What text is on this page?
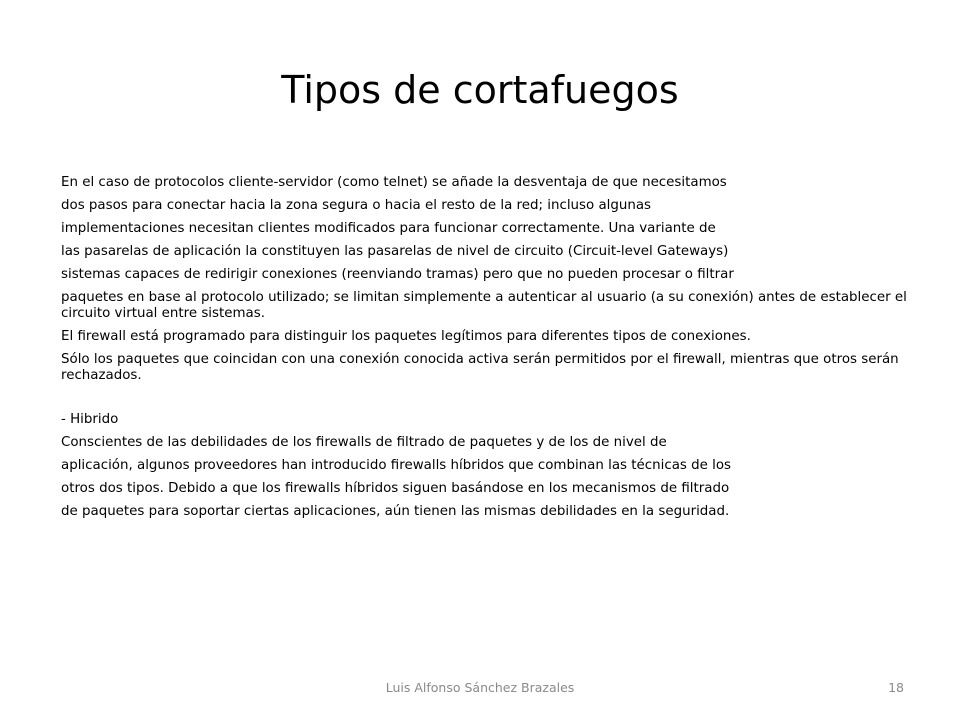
Tipos de cortafuegos

En el caso de protocolos cliente-servidor (como telnet) se añade la desventaja de que necesitamos

dos pasos para conectar hacia la zona segura o hacia el resto de la red; incluso algunas

implementaciones necesitan clientes modificados para funcionar correctamente. Una variante de

las pasarelas de aplicación la constituyen las pasarelas de nivel de circuito (Circuit-level Gateways)

sistemas capaces de redirigir conexiones (reenviando tramas) pero que no pueden procesar o filtrar

paquetes en base al protocolo utilizado; se limitan simplemente a autenticar al usuario (a su conexión) antes de establecer el circuito virtual entre sistemas.

El firewall está programado para distinguir los paquetes legítimos para diferentes tipos de conexiones.

Sólo los paquetes que coincidan con una conexión conocida activa serán permitidos por el firewall, mientras que otros serán rechazados.

- Hibrido

Conscientes de las debilidades de los firewalls de filtrado de paquetes y de los de nivel de

aplicación, algunos proveedores han introducido firewalls híbridos que combinan las técnicas de los

otros dos tipos. Debido a que los firewalls híbridos siguen basándose en los mecanismos de filtrado

de paquetes para soportar ciertas aplicaciones, aún tienen las mismas debilidades en la seguridad.

Luis Alfonso Sánchez Brazales	18
